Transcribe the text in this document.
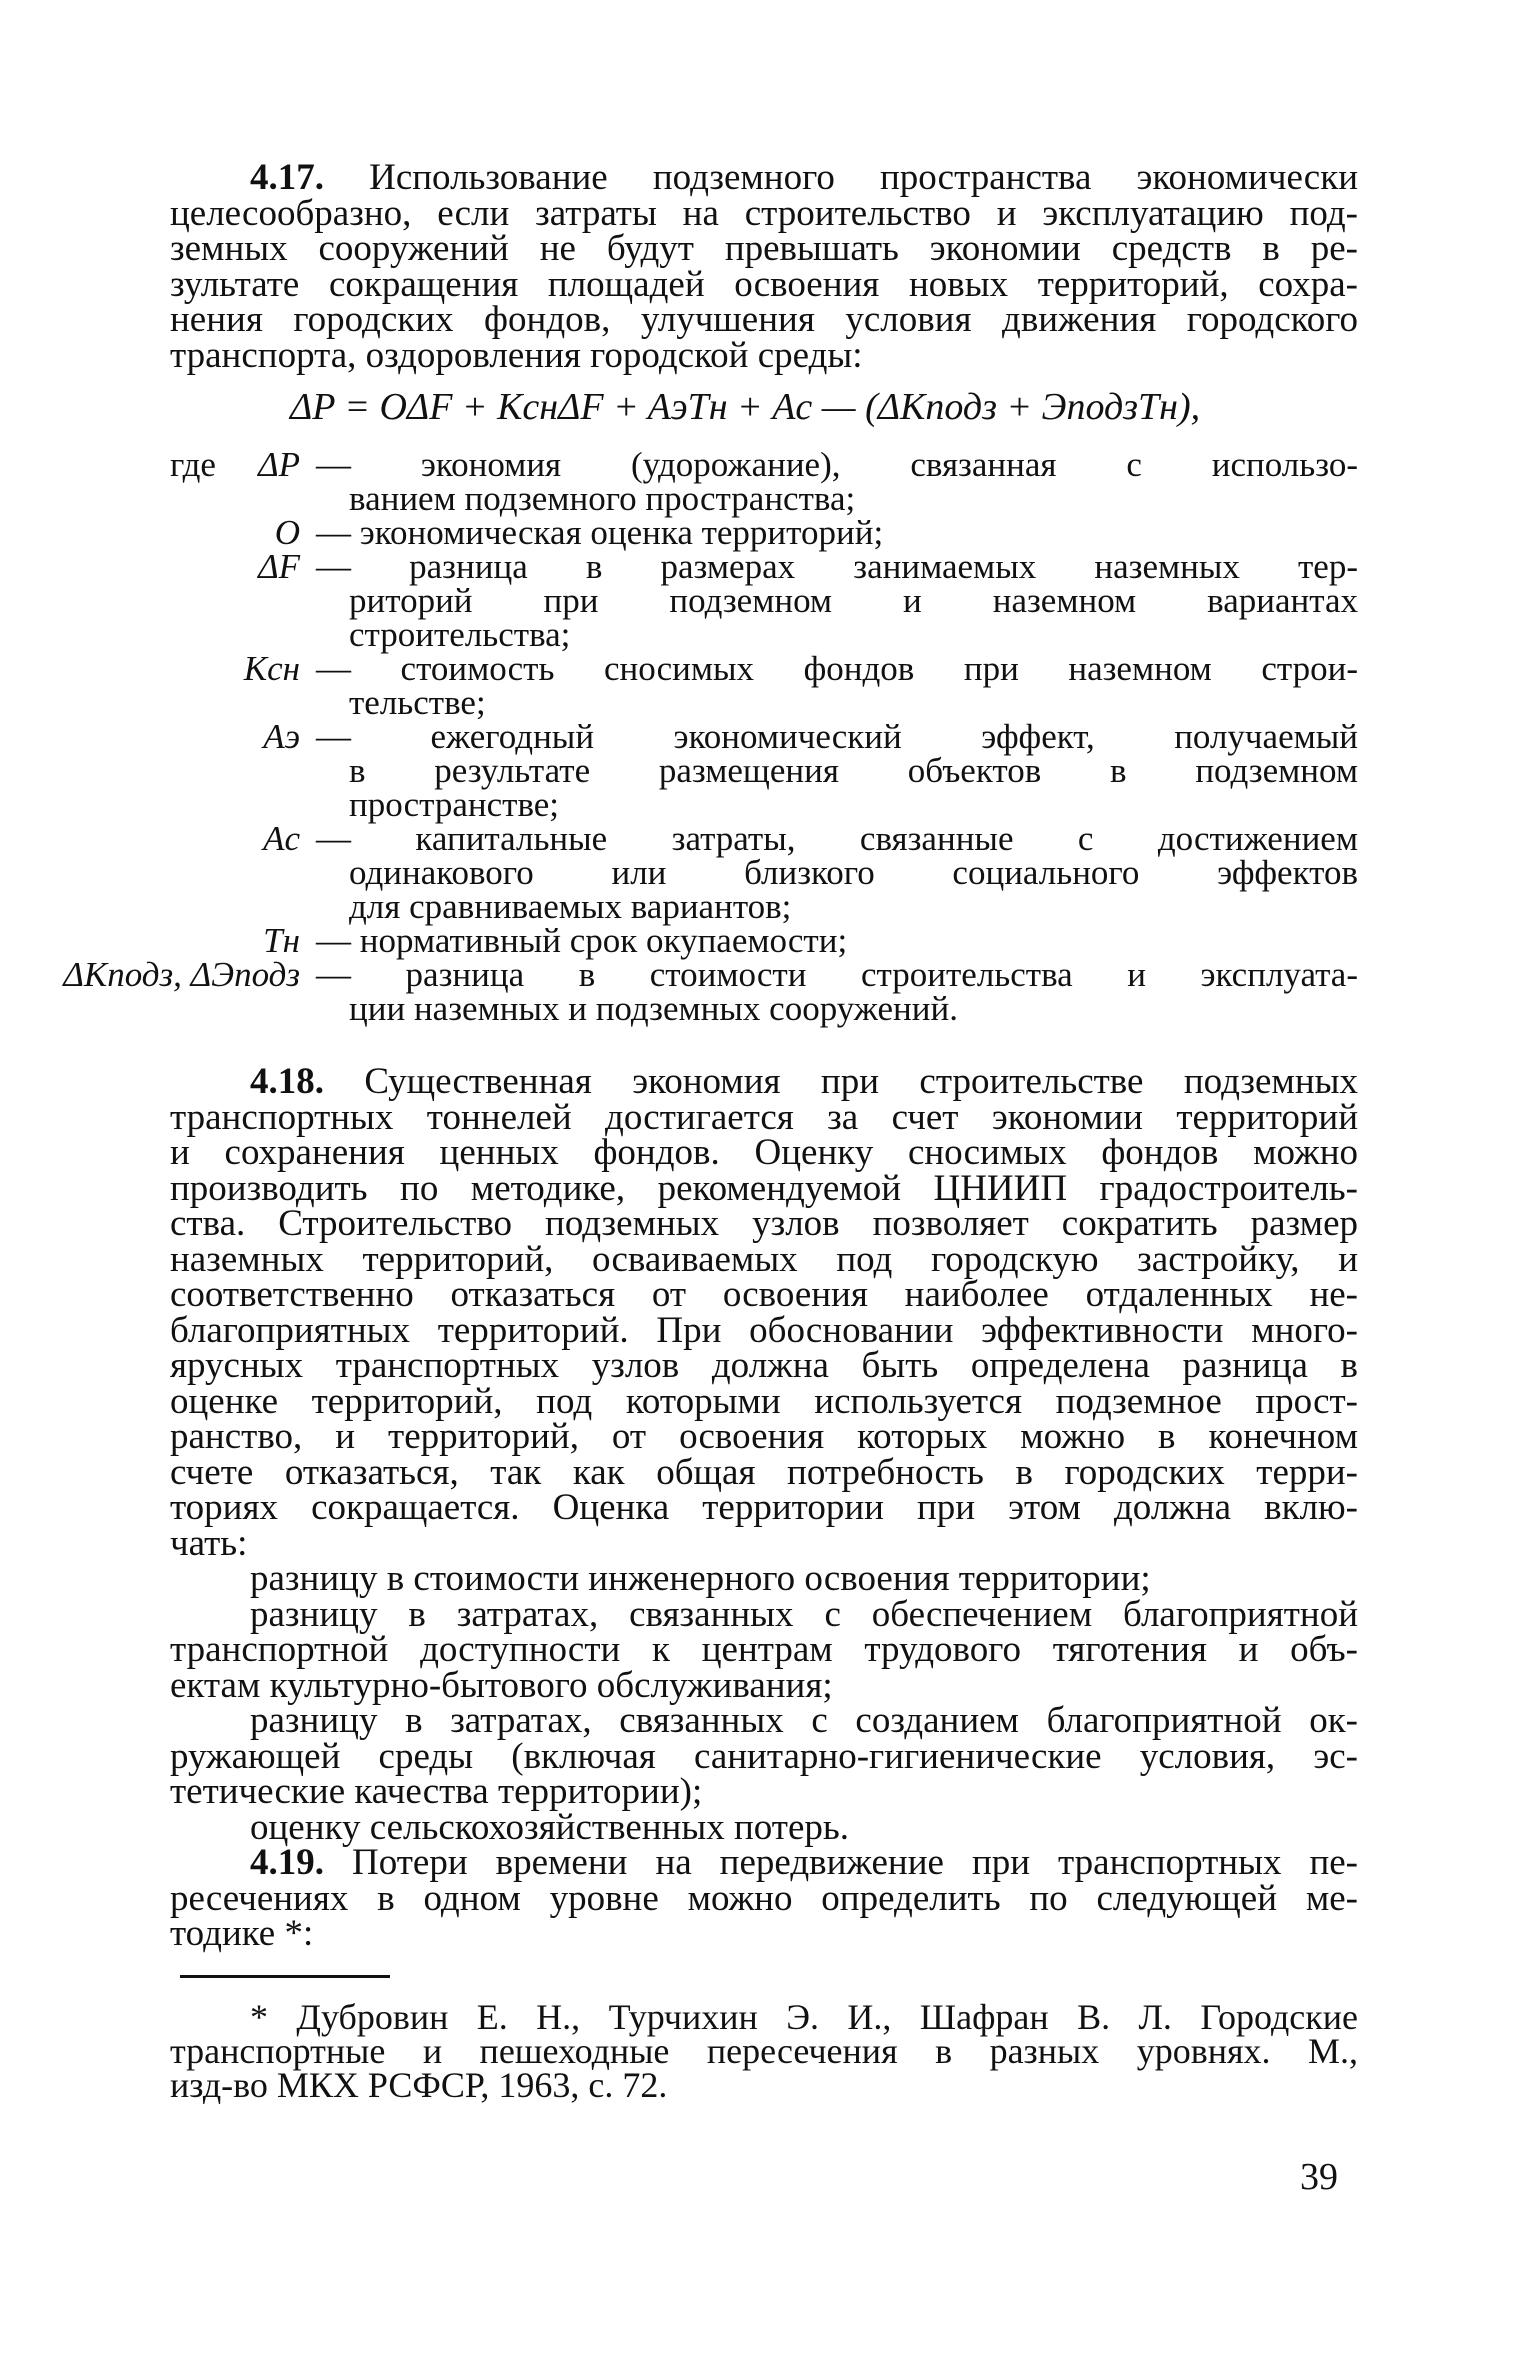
4.17. Использование подземного пространства экономически
целесообразно, если затраты на строительство и эксплуатацию под-
земных сооружений не будут превышать экономии средств в ре-
зультате сокращения площадей освоения новых территорий, сохра-
нения городских фондов, улучшения условия движения городского
транспорта, оздоровления городской среды:
ΔP = OΔF + KснΔF + AэTн + Aс — (ΔKподз + ЭподзTн),
где ΔP — экономия (удорожание), связанная с использо-
ванием подземного пространства;
O — экономическая оценка территорий;
ΔF — разница в размерах занимаемых наземных тер-
риторий при подземном и наземном вариантах
строительства;
Kсн — стоимость сносимых фондов при наземном строи-
тельстве;
Aэ — ежегодный экономический эффект, получаемый
в результате размещения объектов в подземном
пространстве;
Aс — капитальные затраты, связанные с достижением
одинакового или близкого социального эффектов
для сравниваемых вариантов;
Tн — нормативный срок окупаемости;
ΔKподз, ΔЭподз — разница в стоимости строительства и эксплуата-
ции наземных и подземных сооружений.
4.18. Существенная экономия при строительстве подземных
транспортных тоннелей достигается за счет экономии территорий
и сохранения ценных фондов. Оценку сносимых фондов можно
производить по методике, рекомендуемой ЦНИИП градостроитель-
ства. Строительство подземных узлов позволяет сократить размер
наземных территорий, осваиваемых под городскую застройку, и
соответственно отказаться от освоения наиболее отдаленных не-
благоприятных территорий. При обосновании эффективности много-
ярусных транспортных узлов должна быть определена разница в
оценке территорий, под которыми используется подземное прост-
ранство, и территорий, от освоения которых можно в конечном
счете отказаться, так как общая потребность в городских терри-
ториях сокращается. Оценка территории при этом должна вклю-
чать:
разницу в стоимости инженерного освоения территории;
разницу в затратах, связанных с обеспечением благоприятной
транспортной доступности к центрам трудового тяготения и объ-
ектам культурно-бытового обслуживания;
разницу в затратах, связанных с созданием благоприятной ок-
ружающей среды (включая санитарно-гигиенические условия, эс-
тетические качества территории);
оценку сельскохозяйственных потерь.
4.19. Потери времени на передвижение при транспортных пе-
ресечениях в одном уровне можно определить по следующей ме-
тодике *:
* Дубровин Е. Н., Турчихин Э. И., Шафран В. Л. Городские
транспортные и пешеходные пересечения в разных уровнях. М.,
изд-во МКХ РСФСР, 1963, с. 72.
39
